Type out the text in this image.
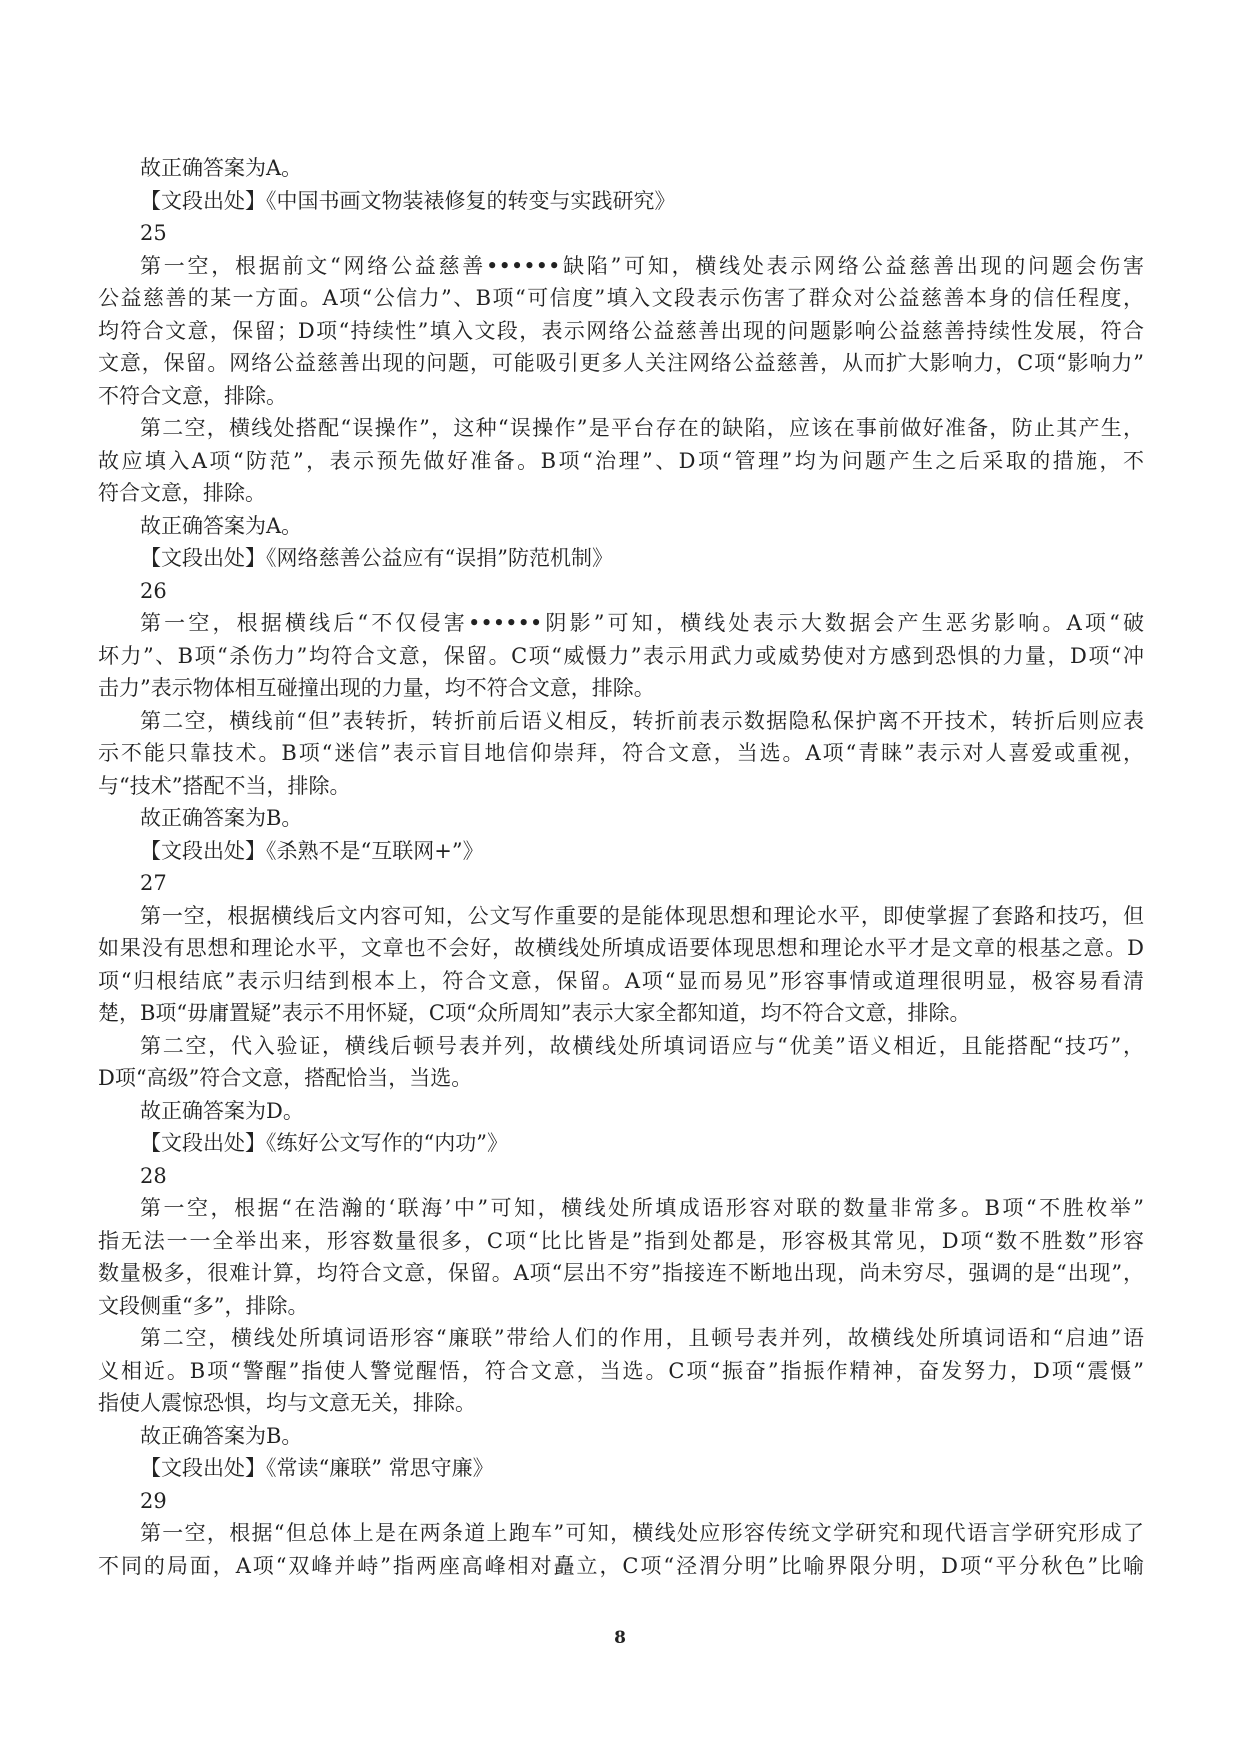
故正确答案为A。
【文段出处】《中国书画文物装裱修复的转变与实践研究》
25
第一空，根据前文“网络公益慈善••••••缺陷”可知，横线处表示网络公益慈善出现的问题会伤害
公益慈善的某一方面。A项“公信力”、B项“可信度”填入文段表示伤害了群众对公益慈善本身的信任程度，
均符合文意，保留；D项“持续性”填入文段，表示网络公益慈善出现的问题影响公益慈善持续性发展，符合
文意，保留。网络公益慈善出现的问题，可能吸引更多人关注网络公益慈善，从而扩大影响力，C项“影响力”
不符合文意，排除。
第二空，横线处搭配“误操作”，这种“误操作”是平台存在的缺陷，应该在事前做好准备，防止其产生，
故应填入A项“防范”，表示预先做好准备。B项“治理”、D项“管理”均为问题产生之后采取的措施，不
符合文意，排除。
故正确答案为A。
【文段出处】《网络慈善公益应有“误捐”防范机制》
26
第一空，根据横线后“不仅侵害••••••阴影”可知，横线处表示大数据会产生恶劣影响。A项“破
坏力”、B项“杀伤力”均符合文意，保留。C项“威慑力”表示用武力或威势使对方感到恐惧的力量，D项“冲
击力”表示物体相互碰撞出现的力量，均不符合文意，排除。
第二空，横线前“但”表转折，转折前后语义相反，转折前表示数据隐私保护离不开技术，转折后则应表
示不能只靠技术。B项“迷信”表示盲目地信仰崇拜，符合文意，当选。A项“青睐”表示对人喜爱或重视，
与“技术”搭配不当，排除。
故正确答案为B。
【文段出处】《杀熟不是“互联网+”》
27
第一空，根据横线后文内容可知，公文写作重要的是能体现思想和理论水平，即使掌握了套路和技巧，但
如果没有思想和理论水平，文章也不会好，故横线处所填成语要体现思想和理论水平才是文章的根基之意。D
项“归根结底”表示归结到根本上，符合文意，保留。A项“显而易见”形容事情或道理很明显，极容易看清
楚，B项“毋庸置疑”表示不用怀疑，C项“众所周知”表示大家全都知道，均不符合文意，排除。
第二空，代入验证，横线后顿号表并列，故横线处所填词语应与“优美”语义相近，且能搭配“技巧”，
D项“高级”符合文意，搭配恰当，当选。
故正确答案为D。
【文段出处】《练好公文写作的“内功”》
28
第一空，根据“在浩瀚的‘联海’中”可知，横线处所填成语形容对联的数量非常多。B项“不胜枚举”
指无法一一全举出来，形容数量很多，C项“比比皆是”指到处都是，形容极其常见，D项“数不胜数”形容
数量极多，很难计算，均符合文意，保留。A项“层出不穷”指接连不断地出现，尚未穷尽，强调的是“出现”，
文段侧重“多”，排除。
第二空，横线处所填词语形容“廉联”带给人们的作用，且顿号表并列，故横线处所填词语和“启迪”语
义相近。B项“警醒”指使人警觉醒悟，符合文意，当选。C项“振奋”指振作精神，奋发努力，D项“震慑”
指使人震惊恐惧，均与文意无关，排除。
故正确答案为B。
【文段出处】《常读“廉联” 常思守廉》
29
第一空，根据“但总体上是在两条道上跑车”可知，横线处应形容传统文学研究和现代语言学研究形成了
不同的局面，A项“双峰并峙”指两座高峰相对矗立，C项“泾渭分明”比喻界限分明，D项“平分秋色”比喻
8
